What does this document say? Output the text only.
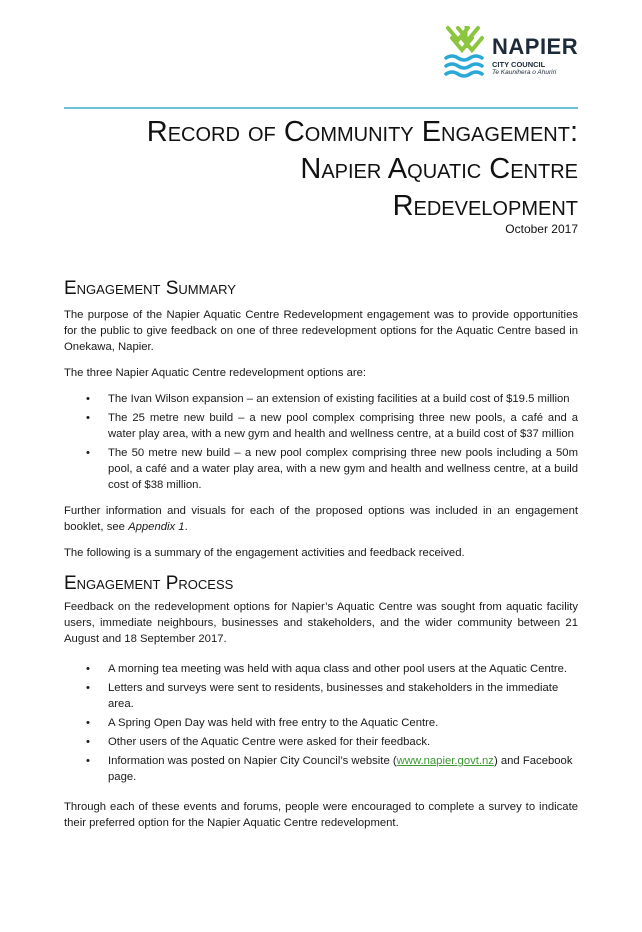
NAPIER
CITY COUNCIL
Te Kaunihera o Ahuriri
Record of Community Engagement:
Napier Aquatic Centre
Redevelopment
October 2017
Engagement Summary

The purpose of the Napier Aquatic Centre Redevelopment engagement was to provide opportunities for the public to give feedback on one of three redevelopment options for the Aquatic Centre based in Onekawa, Napier.

The three Napier Aquatic Centre redevelopment options are:

• The Ivan Wilson expansion – an extension of existing facilities at a build cost of $19.5 million
• The 25 metre new build – a new pool complex comprising three new pools, a café and a water play area, with a new gym and health and wellness centre, at a build cost of $37 million
• The 50 metre new build – a new pool complex comprising three new pools including a 50m pool, a café and a water play area, with a new gym and health and wellness centre, at a build cost of $38 million.

Further information and visuals for each of the proposed options was included in an engagement booklet, see Appendix 1.

The following is a summary of the engagement activities and feedback received.

Engagement Process

Feedback on the redevelopment options for Napier’s Aquatic Centre was sought from aquatic facility users, immediate neighbours, businesses and stakeholders, and the wider community between 21 August and 18 September 2017.

• A morning tea meeting was held with aqua class and other pool users at the Aquatic Centre.
• Letters and surveys were sent to residents, businesses and stakeholders in the immediate area.
• A Spring Open Day was held with free entry to the Aquatic Centre.
• Other users of the Aquatic Centre were asked for their feedback.
• Information was posted on Napier City Council’s website (www.napier.govt.nz) and Facebook page.

Through each of these events and forums, people were encouraged to complete a survey to indicate their preferred option for the Napier Aquatic Centre redevelopment.
